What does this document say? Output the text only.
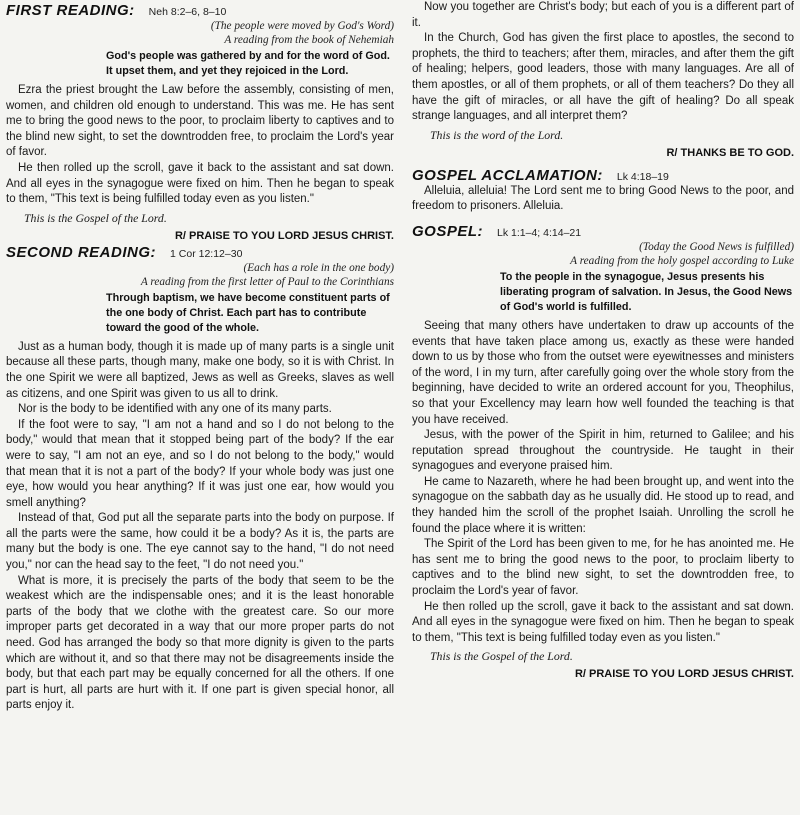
FIRST READING: Neh 8:2–6, 8–10
(The people were moved by God's Word)
A reading from the book of Nehemiah
God's people was gathered by and for the word of God. It upset them, and yet they rejoiced in the Lord.

Ezra the priest brought the Law before the assembly, consisting of men, women, and children old enough to understand. This was me. He has sent me to bring the good news to the poor, to proclaim liberty to captives and to the blind new sight, to set the downtrodden free, to proclaim the Lord's year of favor.

He then rolled up the scroll, gave it back to the assistant and sat down. And all eyes in the synagogue were fixed on him. Then he began to speak to them, "This text is being fulfilled today even as you listen."

This is the Gospel of the Lord.
R/ PRAISE TO YOU LORD JESUS CHRIST.
SECOND READING: 1 Cor 12:12–30
(Each has a role in the one body)
A reading from the first letter of Paul to the Corinthians
Through baptism, we have become constituent parts of the one body of Christ. Each part has to contribute toward the good of the whole.

Just as a human body, though it is made up of many parts is a single unit because all these parts, though many, make one body, so it is with Christ. In the one Spirit we were all baptized, Jews as well as Greeks, slaves as well as citizens, and one Spirit was given to us all to drink.

Nor is the body to be identified with any one of its many parts.

If the foot were to say, "I am not a hand and so I do not belong to the body," would that mean that it stopped being part of the body? If the ear were to say, "I am not an eye, and so I do not belong to the body," would that mean that it is not a part of the body? If your whole body was just one eye, how would you hear anything? If it was just one ear, how would you smell anything?

Instead of that, God put all the separate parts into the body on purpose. If all the parts were the same, how could it be a body? As it is, the parts are many but the body is one. The eye cannot say to the hand, "I do not need you," nor can the head say to the feet, "I do not need you."

What is more, it is precisely the parts of the body that seem to be the weakest which are the indispensable ones; and it is the least honorable parts of the body that we clothe with the greatest care. So our more improper parts get decorated in a way that our more proper parts do not need. God has arranged the body so that more dignity is given to the parts which are without it, and so that there may not be disagreements inside the body, but that each part may be equally concerned for all the others. If one part is hurt, all parts are hurt with it. If one part is given special honor, all parts enjoy it.

Now you together are Christ's body; but each of you is a different part of it.

In the Church, God has given the first place to apostles, the second to prophets, the third to teachers; after them, miracles, and after them the gift of healing; helpers, good leaders, those with many languages. Are all of them apostles, or all of them prophets, or all of them teachers? Do they all have the gift of miracles, or all have the gift of healing? Do all speak strange languages, and all interpret them?

This is the word of the Lord.
R/ THANKS BE TO GOD.
GOSPEL ACCLAMATION: Lk 4:18–19

Alleluia, alleluia! The Lord sent me to bring Good News to the poor, and freedom to prisoners. Alleluia.

GOSPEL: Lk 1:1–4; 4:14–21
(Today the Good News is fulfilled)
A reading from the holy gospel according to Luke
To the people in the synagogue, Jesus presents his liberating program of salvation. In Jesus, the Good News of God's world is fulfilled.

Seeing that many others have undertaken to draw up accounts of the events that have taken place among us, exactly as these were handed down to us by those who from the outset were eyewitnesses and ministers of the word, I in my turn, after carefully going over the whole story from the beginning, have decided to write an ordered account for you, Theophilus, so that your Excellency may learn how well founded the teaching is that you have received.

Jesus, with the power of the Spirit in him, returned to Galilee; and his reputation spread throughout the countryside. He taught in their synagogues and everyone praised him.

He came to Nazareth, where he had been brought up, and went into the synagogue on the sabbath day as he usually did. He stood up to read, and they handed him the scroll of the prophet Isaiah. Unrolling the scroll he found the place where it is written:

The Spirit of the Lord has been given to me, for he has anointed me. He has sent me to bring the good news to the poor, to proclaim liberty to captives and to the blind new sight, to set the downtrodden free, to proclaim the Lord's year of favor.

He then rolled up the scroll, gave it back to the assistant and sat down. And all eyes in the synagogue were fixed on him. Then he began to speak to them, "This text is being fulfilled today even as you listen."

This is the Gospel of the Lord.
R/ PRAISE TO YOU LORD JESUS CHRIST.
